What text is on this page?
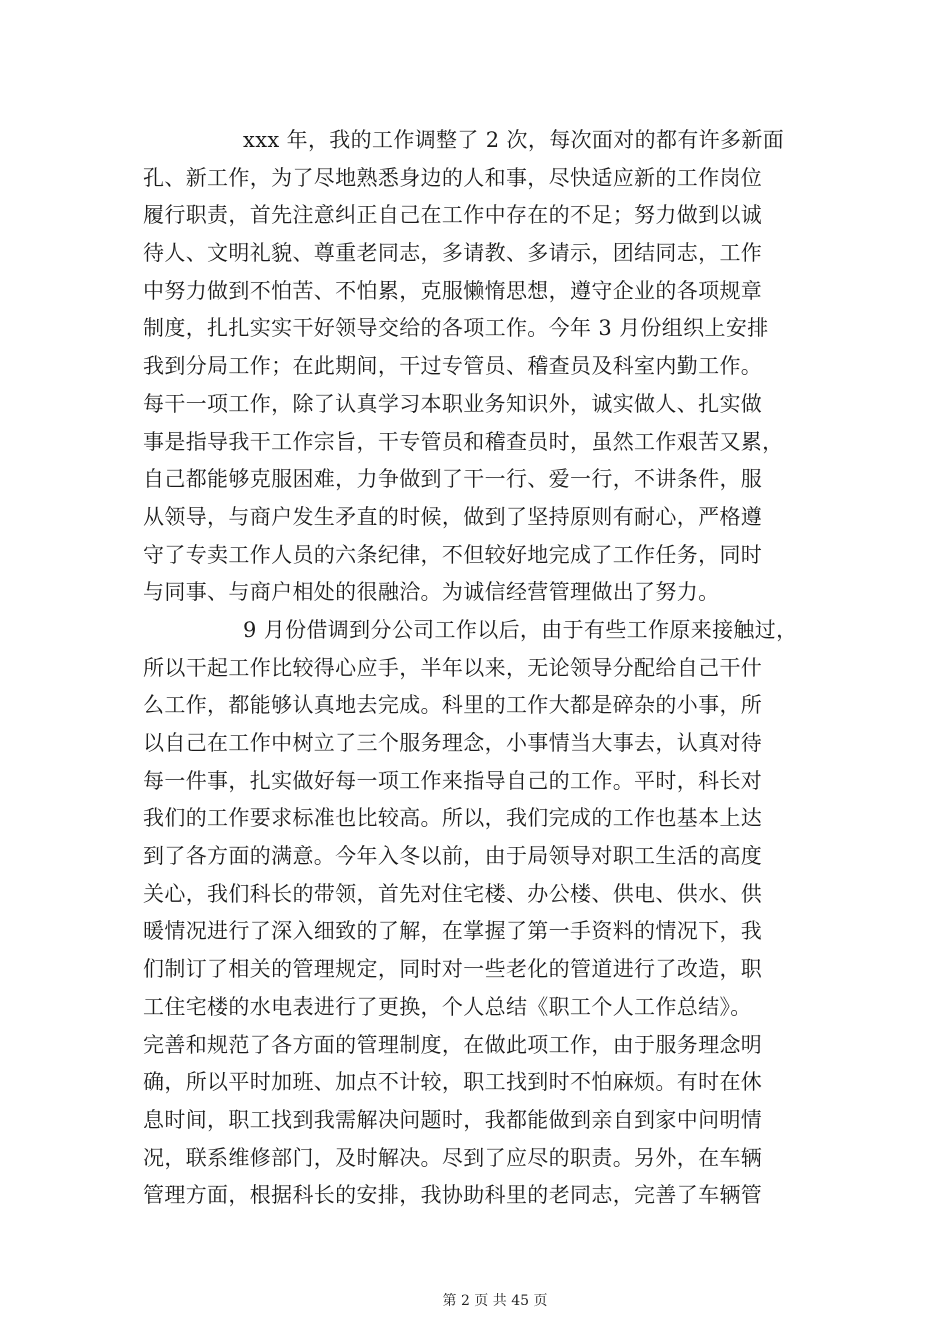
xxx 年，我的工作调整了 2 次，每次面对的都有许多新面
孔、新工作，为了尽地熟悉身边的人和事，尽快适应新的工作岗位
履行职责，首先注意纠正自己在工作中存在的不足；努力做到以诚
待人、文明礼貌、尊重老同志，多请教、多请示，团结同志，工作
中努力做到不怕苦、不怕累，克服懒惰思想，遵守企业的各项规章
制度，扎扎实实干好领导交给的各项工作。今年 3 月份组织上安排
我到分局工作；在此期间，干过专管员、稽查员及科室内勤工作。
每干一项工作，除了认真学习本职业务知识外，诚实做人、扎实做
事是指导我干工作宗旨，干专管员和稽查员时，虽然工作艰苦又累，
自己都能够克服困难，力争做到了干一行、爱一行，不讲条件，服
从领导，与商户发生矛直的时候，做到了坚持原则有耐心，严格遵
守了专卖工作人员的六条纪律，不但较好地完成了工作任务，同时
与同事、与商户相处的很融洽。为诚信经营管理做出了努力。
9 月份借调到分公司工作以后，由于有些工作原来接触过，
所以干起工作比较得心应手，半年以来，无论领导分配给自己干什
么工作，都能够认真地去完成。科里的工作大都是碎杂的小事，所
以自己在工作中树立了三个服务理念，小事情当大事去，认真对待
每一件事，扎实做好每一项工作来指导自己的工作。平时，科长对
我们的工作要求标准也比较高。所以，我们完成的工作也基本上达
到了各方面的满意。今年入冬以前，由于局领导对职工生活的高度
关心，我们科长的带领，首先对住宅楼、办公楼、供电、供水、供
暖情况进行了深入细致的了解，在掌握了第一手资料的情况下，我
们制订了相关的管理规定，同时对一些老化的管道进行了改造，职
工住宅楼的水电表进行了更换，个人总结《职工个人工作总结》。
完善和规范了各方面的管理制度，在做此项工作，由于服务理念明
确，所以平时加班、加点不计较，职工找到时不怕麻烦。有时在休
息时间，职工找到我需解决问题时，我都能做到亲自到家中问明情
况，联系维修部门，及时解决。尽到了应尽的职责。另外，在车辆
管理方面，根据科长的安排，我协助科里的老同志，完善了车辆管
第 2 页 共 45 页
